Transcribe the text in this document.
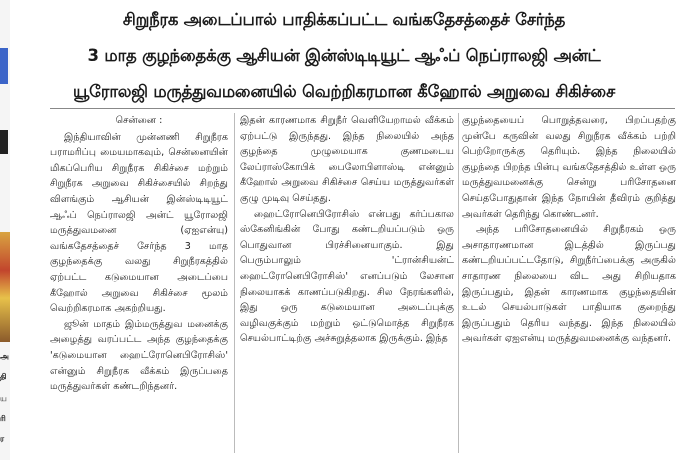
அ
தி
ய
ரி
ர
சிறுநீரக அடைப்பால் பாதிக்கப்பட்ட வங்கதேசத்தைச் சேர்ந்த
3 மாத குழந்தைக்கு ஆசியன் இன்ஸ்டிடியூட் ஆஃப் நெப்ராலஜி அன்ட்
யூரோலஜி மருத்துவமனையில் வெற்றிகரமான கீஹோல் அறுவை சிகிச்சை
சென்னை :

இந்தியாவின் முன்னணி சிறுநீரக பராமரிப்பு மையமாகவும், சென்னையின் மிகப்பெரிய சிறுநீரக சிகிச்சை மற்றும் சிறுநீரக அறுவை சிகிச்சையில் சிறந்து விளங்கும் ஆசியன் இன்ஸ்டிடியூட் ஆஃப் நெப்ராலஜி அன்ட் யூரோலஜி மருத்துவமனை (ஏஐஎன்யு) வங்கதேசத்தைச் சேர்ந்த 3 மாத குழந்தைக்கு வலது சிறுநீரகத்தில் ஏற்பட்ட கடுமையான அடைப்பை கீஹோல் அறுவை சிகிச்சை மூலம் வெற்றிகரமாக அகற்றியது.

ஜூன் மாதம் இம்மருத்துவ மனைக்கு அழைத்து வரப்பட்ட அந்த குழந்தைக்கு 'கடுமையான ஹைட்ரோனெபிரோசிஸ்' என்னும் சிறுநீரக வீக்கம் இருப்பதை மருத்துவர்கள் கண்டறிந்தனர்.

இதன் காரணமாக சிறுநீர் வெளியேறாமல் வீக்கம் ஏற்பட்டு இருந்தது. இந்த நிலையில் அந்த குழந்தை முழுமையாக குணமடைய லேப்ராஸ்கோபிக் பைலோபிளாஸ்டி என்னும் கீஹோல் அறுவை சிகிச்சை செய்ய மருத்துவர்கள் குழு முடிவு செய்தது.

ஹைட்ரோனெபிரோசிஸ் என்பது கர்ப்பகால ஸ்கேனிங்கின் போது கண்டறியப்படும் ஒரு பொதுவான பிரச்சினையாகும். இது பெரும்பாலும் 'ட்ரான்சியன்ட் ஹைட்ரோனெபிரோசிஸ்' எனப்படும் லேசான நிலையாகக் காணப்படுகிறது. சில நேரங்களில், இது ஒரு கடுமையான அடைப்புக்கு வழிவகுக்கும் மற்றும் ஒட்டுமொத்த சிறுநீரக செயல்பாட்டிற்கு அச்சுறுத்தலாக இருக்கும். இந்த

குழந்தையைப் பொறுத்தவரை, பிறப்பதற்கு முன்பே கருவின் வலது சிறுநீரக வீக்கம் பற்றி பெற்றோருக்கு தெரியும். இந்த நிலையில் குழந்தை பிறந்த பின்பு வங்கதேசத்தில் உள்ள ஒரு மருத்துவமனைக்கு சென்று பரிசோதனை செய்தபோதுதான் இந்த நோயின் தீவிரம் குறித்து அவர்கள் தெரிந்து கொண்டனர்.

அந்த பரிசோதனையில் சிறுநீரகம் ஒரு அசாதாரணமான இடத்தில் இருப்பது கண்டறியப்பட்டதோடு, சிறுநீர்ப்பைக்கு அருகில் சாதாரண நிலையை விட அது சிறியதாக இருப்பதும், இதன் காரணமாக குழந்தையின் உடல் செயல்பாடுகள் பாதியாக குறைந்து இருப்பதும் தெரிய வந்தது. இந்த நிலையில் அவர்கள் ஏஐஎன்யு மருத்துவமனைக்கு வந்தனர்.
